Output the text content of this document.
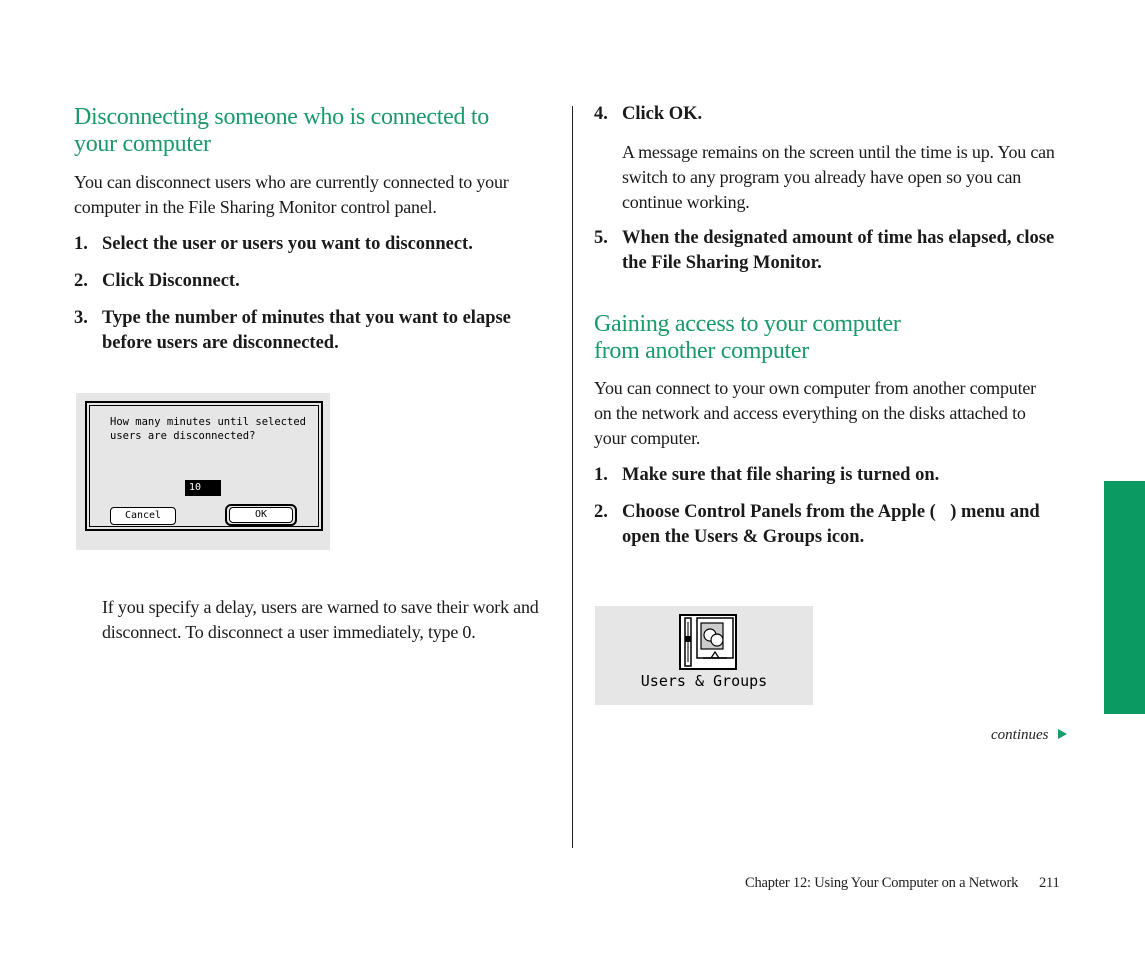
Disconnecting someone who is connected to
your computer
You can disconnect users who are currently connected to your
computer in the File Sharing Monitor control panel.
1. Select the user or users you want to disconnect.
2. Click Disconnect.
3. Type the number of minutes that you want to elapse
before users are disconnected.
How many minutes until selected
users are disconnected?
10
Cancel	OK
If you specify a delay, users are warned to save their work and
disconnect. To disconnect a user immediately, type 0.
4. Click OK.
A message remains on the screen until the time is up. You can
switch to any program you already have open so you can
continue working.
5. When the designated amount of time has elapsed, close
the File Sharing Monitor.
Gaining access to your computer
from another computer
You can connect to your own computer from another computer
on the network and access everything on the disks attached to
your computer.
1. Make sure that file sharing is turned on.
2. Choose Control Panels from the Apple ( ) menu and
open the Users & Groups icon.
Users & Groups
continues
Chapter 12: Using Your Computer on a Network 211
